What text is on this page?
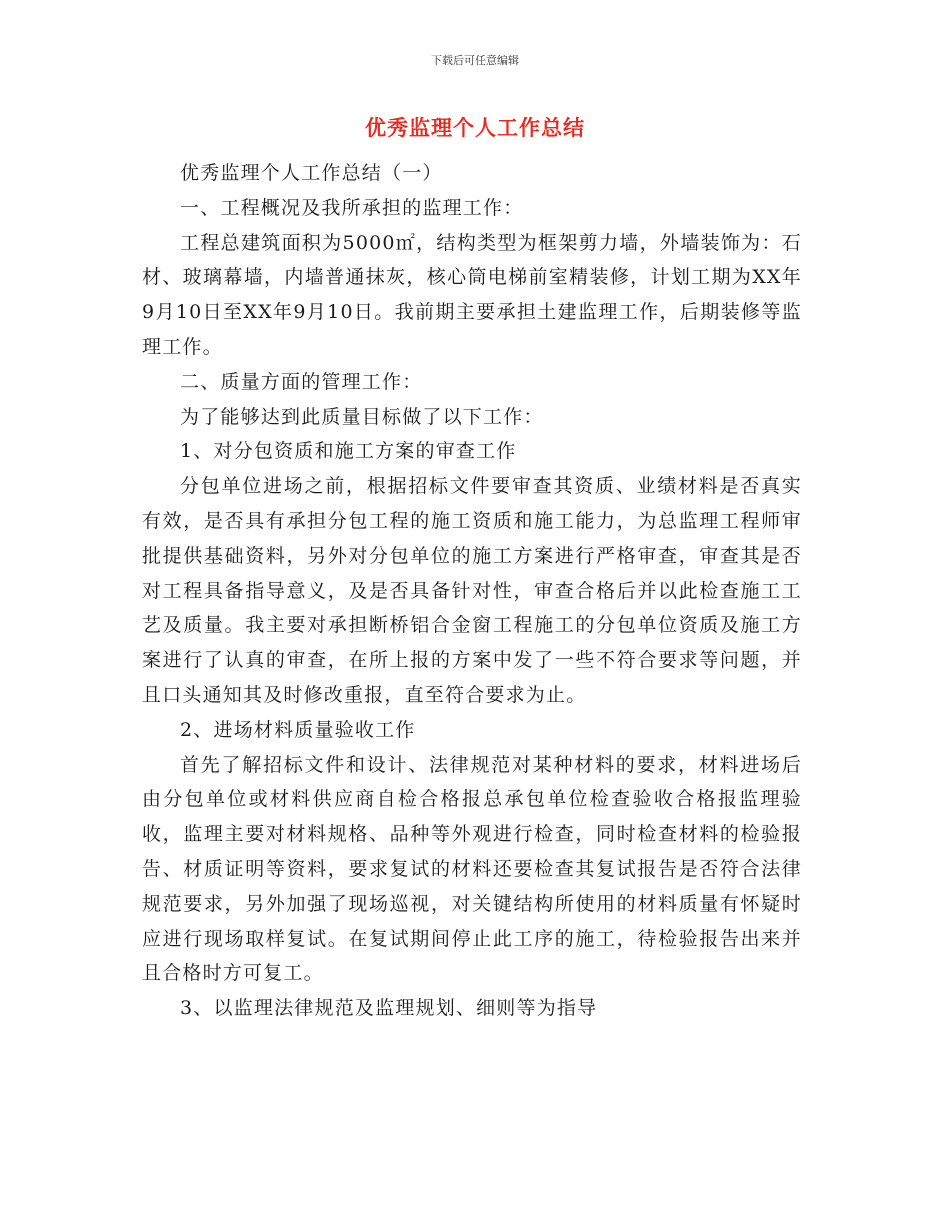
下载后可任意编辑
优秀监理个人工作总结

优秀监理个人工作总结（一）

一、工程概况及我所承担的监理工作：

工程总建筑面积为5000㎡，结构类型为框架剪力墙，外墙装饰为：石材、玻璃幕墙，内墙普通抹灰，核心筒电梯前室精装修，计划工期为XX年9月10日至XX年9月10日。我前期主要承担土建监理工作，后期装修等监理工作。

二、质量方面的管理工作：

为了能够达到此质量目标做了以下工作：

1、对分包资质和施工方案的审查工作

分包单位进场之前，根据招标文件要审查其资质、业绩材料是否真实有效，是否具有承担分包工程的施工资质和施工能力，为总监理工程师审批提供基础资料，另外对分包单位的施工方案进行严格审查，审查其是否对工程具备指导意义，及是否具备针对性，审查合格后并以此检查施工工艺及质量。我主要对承担断桥铝合金窗工程施工的分包单位资质及施工方案进行了认真的审查，在所上报的方案中发了一些不符合要求等问题，并且口头通知其及时修改重报，直至符合要求为止。

2、进场材料质量验收工作

首先了解招标文件和设计、法律规范对某种材料的要求，材料进场后由分包单位或材料供应商自检合格报总承包单位检查验收合格报监理验收，监理主要对材料规格、品种等外观进行检查，同时检查材料的检验报告、材质证明等资料，要求复试的材料还要检查其复试报告是否符合法律规范要求，另外加强了现场巡视，对关键结构所使用的材料质量有怀疑时应进行现场取样复试。在复试期间停止此工序的施工，待检验报告出来并且合格时方可复工。

3、以监理法律规范及监理规划、细则等为指导
